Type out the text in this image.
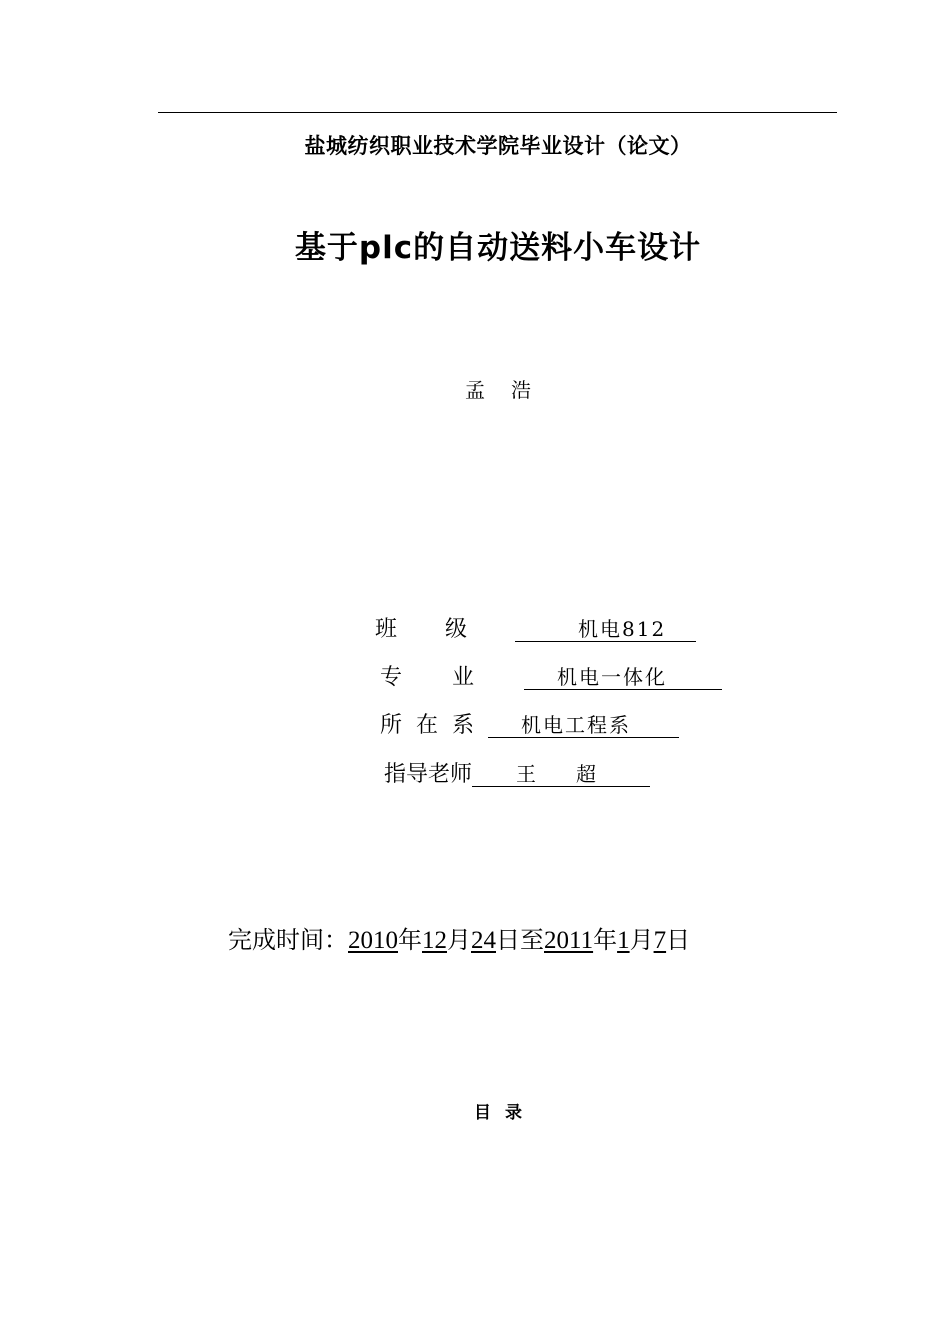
盐城纺织职业技术学院毕业设计（论文）
基于plc的自动送料小车设计
孟浩
班级	机电812
专业 机电一体化
所在系 机电工程系
指导老师 王超
完成时间：2010年12月24日至2011年1月7日
目录
